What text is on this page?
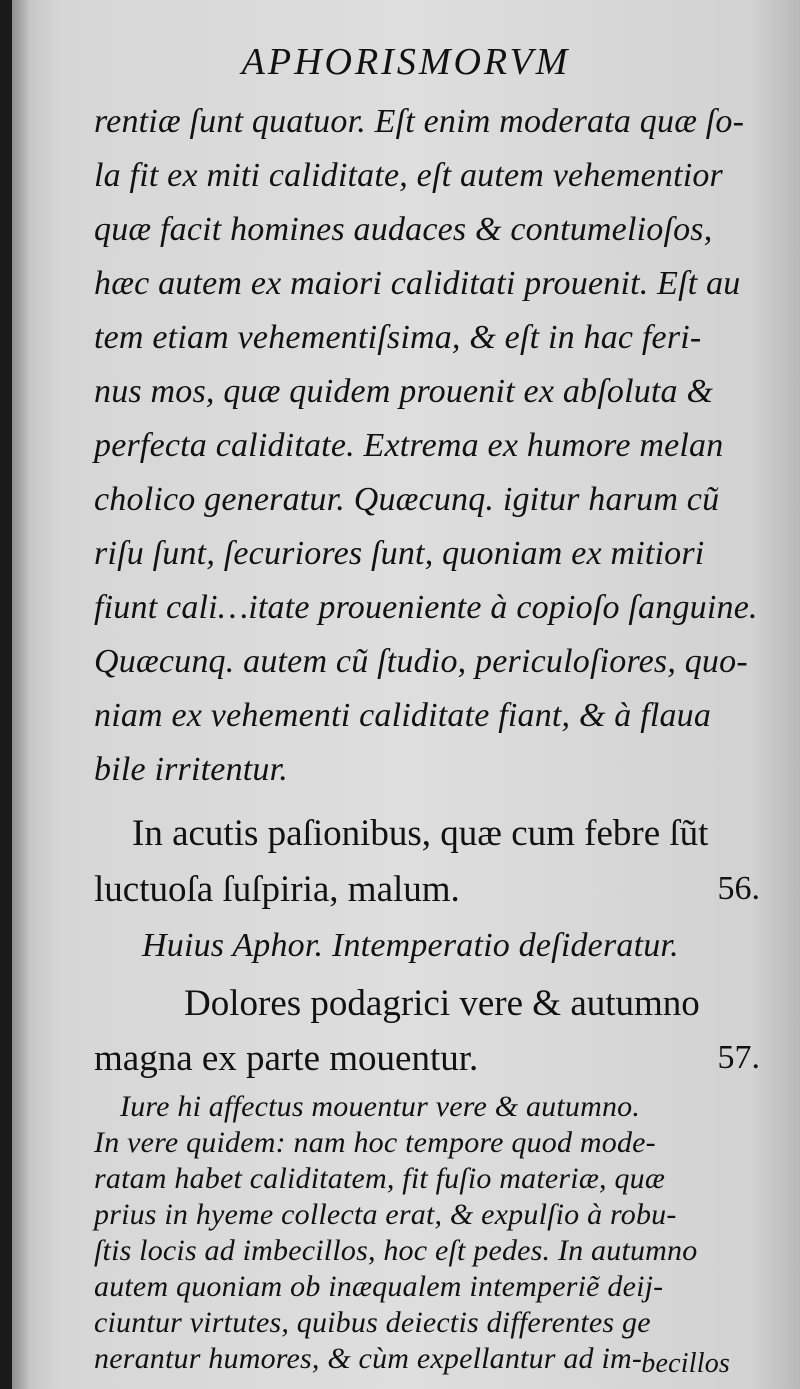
APHORISMORVM
rentiæ ſunt quatuor. Eſt enim moderata quæ ſo-
la fit ex miti caliditate, eſt autem vehementior
quæ facit homines audaces & contumelioſos,
hæc autem ex maiori caliditati prouenit. Eſt au
tem etiam vehementiſsima, & eſt in hac feri-
nus mos, quæ quidem prouenit ex abſoluta &
perfecta caliditate. Extrema ex humore melan
cholico generatur. Quæcunq. igitur harum cũ
riſu ſunt, ſecuriores ſunt, quoniam ex mitiori
fiunt cali…itate proueniente à copioſo ſanguine.
Quæcunq. autem cũ ſtudio, periculoſiores, quo-
niam ex vehementi caliditate fiant, & à flaua
bile irritentur.
In acutis paſionibus, quæ cum febre ſũt
luctuoſa ſuſpiria, malum.	56.
Huius Aphor. Intemperatio deſideratur.
Dolores podagrici vere & autumno
magna ex parte mouentur.	57.
Iure hi affectus mouentur vere & autumno.
In vere quidem: nam hoc tempore quod mode-
ratam habet caliditatem, fit fuſio materiæ, quæ
prius in hyeme collecta erat, & expulſio à robu-
ſtis locis ad imbecillos, hoc eſt pedes. In autumno
autem quoniam ob inæqualem intemperiẽ deij-
ciuntur virtutes, quibus deiectis differentes ge
nerantur humores, & cùm expellantur ad im- becillos
